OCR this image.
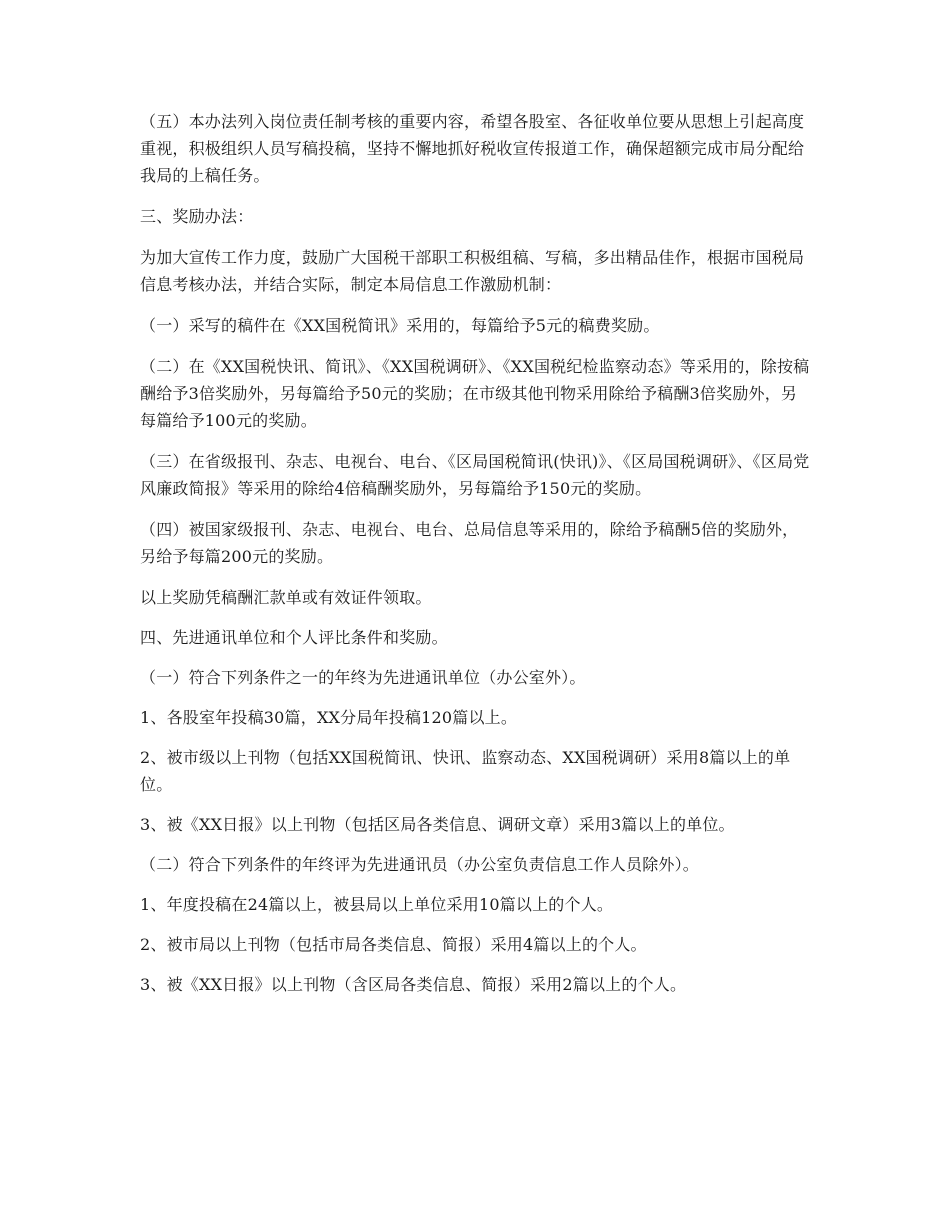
（五）本办法列入岗位责任制考核的重要内容，希望各股室、各征收单位要从思想上引起高度重视，积极组织人员写稿投稿，坚持不懈地抓好税收宣传报道工作，确保超额完成市局分配给我局的上稿任务。

三、奖励办法：

为加大宣传工作力度，鼓励广大国税干部职工积极组稿、写稿，多出精品佳作，根据市国税局信息考核办法，并结合实际，制定本局信息工作激励机制：

（一）采写的稿件在《XX国税简讯》采用的，每篇给予5元的稿费奖励。

（二）在《XX国税快讯、简讯》、《XX国税调研》、《XX国税纪检监察动态》等采用的，除按稿酬给予3倍奖励外，另每篇给予50元的奖励；在市级其他刊物采用除给予稿酬3倍奖励外，另每篇给予100元的奖励。

（三）在省级报刊、杂志、电视台、电台、《区局国税简讯(快讯)》、《区局国税调研》、《区局党风廉政简报》等采用的除给4倍稿酬奖励外，另每篇给予150元的奖励。

（四）被国家级报刊、杂志、电视台、电台、总局信息等采用的，除给予稿酬5倍的奖励外，另给予每篇200元的奖励。

以上奖励凭稿酬汇款单或有效证件领取。

四、先进通讯单位和个人评比条件和奖励。

（一）符合下列条件之一的年终为先进通讯单位（办公室外）。

1、各股室年投稿30篇，XX分局年投稿120篇以上。

2、被市级以上刊物（包括XX国税简讯、快讯、监察动态、XX国税调研）采用8篇以上的单位。

3、被《XX日报》以上刊物（包括区局各类信息、调研文章）采用3篇以上的单位。

（二）符合下列条件的年终评为先进通讯员（办公室负责信息工作人员除外）。

1、年度投稿在24篇以上，被县局以上单位采用10篇以上的个人。

2、被市局以上刊物（包括市局各类信息、简报）采用4篇以上的个人。

3、被《XX日报》以上刊物（含区局各类信息、简报）采用2篇以上的个人。
